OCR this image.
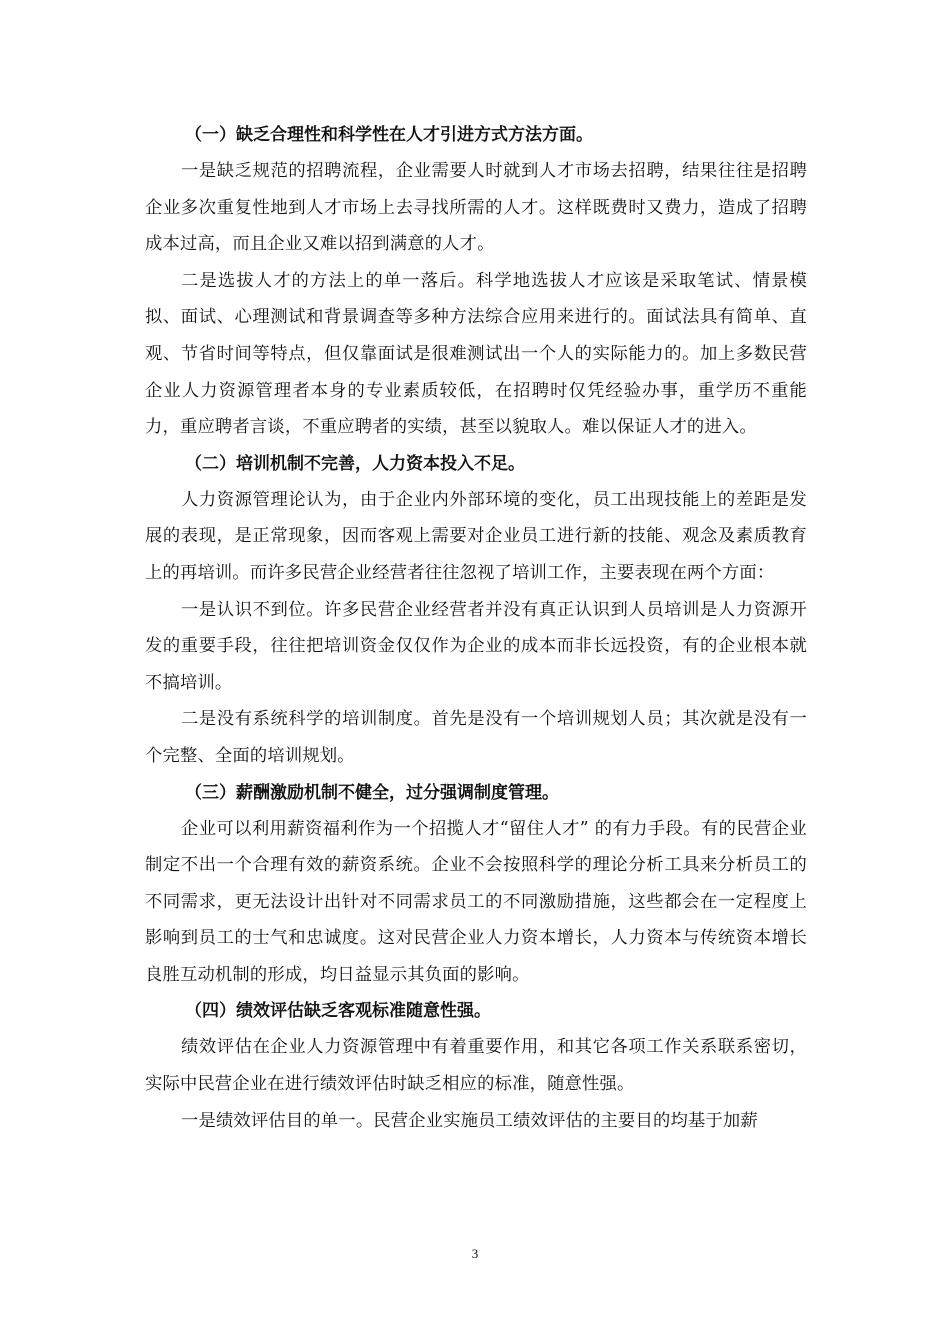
（一）缺乏合理性和科学性在人才引进方式方法方面。

一是缺乏规范的招聘流程，企业需要人时就到人才市场去招聘，结果往往是招聘企业多次重复性地到人才市场上去寻找所需的人才。这样既费时又费力，造成了招聘成本过高，而且企业又难以招到满意的人才。

二是选拔人才的方法上的单一落后。科学地选拔人才应该是采取笔试、情景模拟、面试、心理测试和背景调查等多种方法综合应用来进行的。面试法具有简单、直观、节省时间等特点，但仅靠面试是很难测试出一个人的实际能力的。加上多数民营企业人力资源管理者本身的专业素质较低，在招聘时仅凭经验办事，重学历不重能力，重应聘者言谈，不重应聘者的实绩，甚至以貌取人。难以保证人才的进入。

（二）培训机制不完善，人力资本投入不足。

人力资源管理论认为，由于企业内外部环境的变化，员工出现技能上的差距是发展的表现，是正常现象，因而客观上需要对企业员工进行新的技能、观念及素质教育上的再培训。而许多民营企业经营者往往忽视了培训工作，主要表现在两个方面：

一是认识不到位。许多民营企业经营者并没有真正认识到人员培训是人力资源开发的重要手段，往往把培训资金仅仅作为企业的成本而非长远投资，有的企业根本就不搞培训。

二是没有系统科学的培训制度。首先是没有一个培训规划人员；其次就是没有一个完整、全面的培训规划。

（三）薪酬激励机制不健全，过分强调制度管理。

企业可以利用薪资福利作为一个招揽人才“留住人才” 的有力手段。有的民营企业制定不出一个合理有效的薪资系统。企业不会按照科学的理论分析工具来分析员工的不同需求，更无法设计出针对不同需求员工的不同激励措施，这些都会在一定程度上影响到员工的士气和忠诚度。这对民营企业人力资本增长，人力资本与传统资本增长良胜互动机制的形成，均日益显示其负面的影响。

（四）绩效评估缺乏客观标准随意性强。

绩效评估在企业人力资源管理中有着重要作用，和其它各项工作关系联系密切，实际中民营企业在进行绩效评估时缺乏相应的标准，随意性强。

一是绩效评估目的单一。民营企业实施员工绩效评估的主要目的均基于加薪

3
